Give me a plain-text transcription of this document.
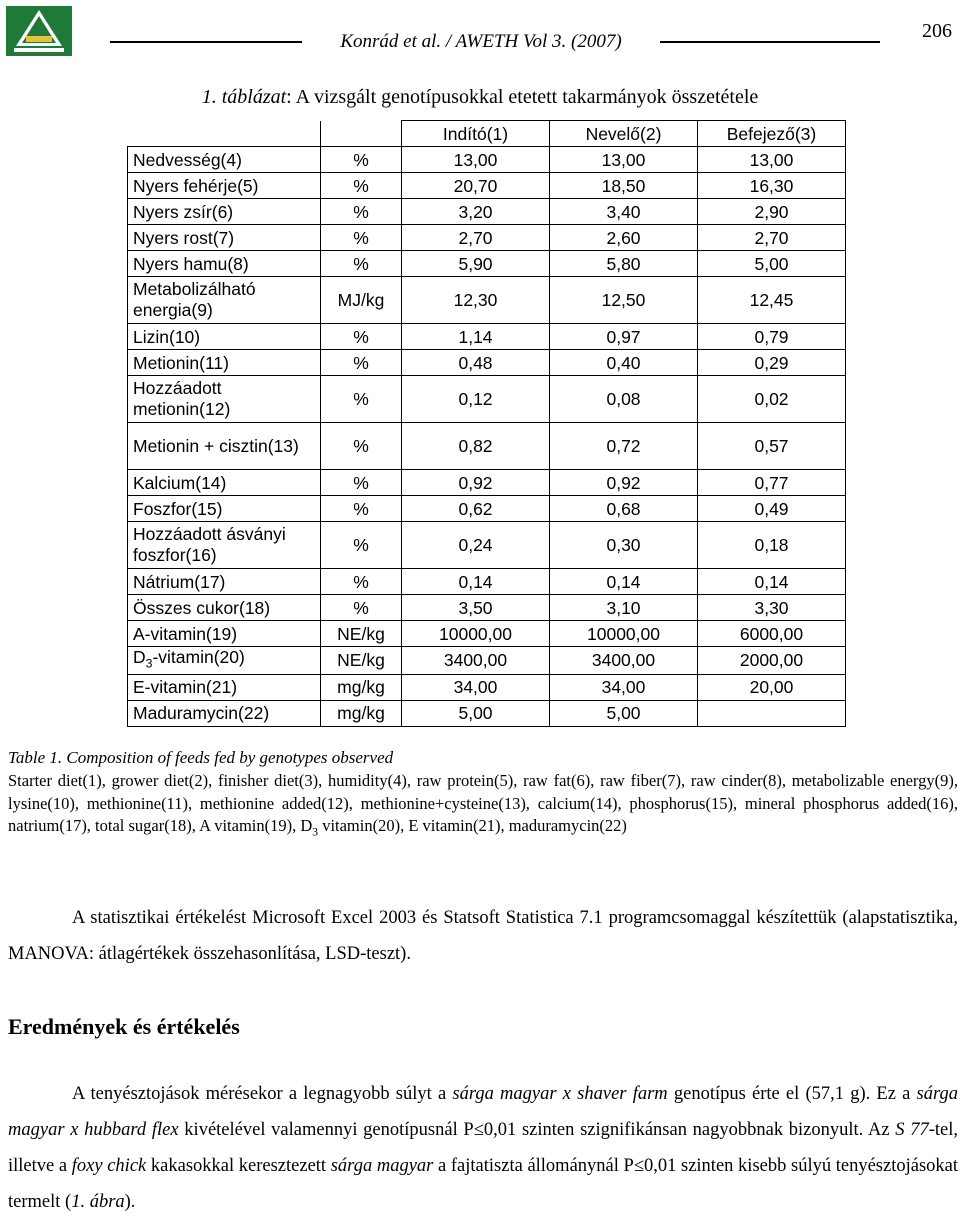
Konrád et al. / AWETH Vol 3. (2007)	206
1. táblázat: A vizsgált genotípusokkal etetett takarmányok összetétele
		Indító(1)	Nevelő(2)	Befejező(3)
Nedvesség(4)	%	13,00	13,00	13,00
Nyers fehérje(5)	%	20,70	18,50	16,30
Nyers zsír(6)	%	3,20	3,40	2,90
Nyers rost(7)	%	2,70	2,60	2,70
Nyers hamu(8)	%	5,90	5,80	5,00
Metabolizálható energia(9)	MJ/kg	12,30	12,50	12,45
Lizin(10)	%	1,14	0,97	0,79
Metionin(11)	%	0,48	0,40	0,29
Hozzáadott metionin(12)	%	0,12	0,08	0,02
Metionin + cisztin(13)	%	0,82	0,72	0,57
Kalcium(14)	%	0,92	0,92	0,77
Foszfor(15)	%	0,62	0,68	0,49
Hozzáadott ásványi foszfor(16)	%	0,24	0,30	0,18
Nátrium(17)	%	0,14	0,14	0,14
Összes cukor(18)	%	3,50	3,10	3,30
A-vitamin(19)	NE/kg	10000,00	10000,00	6000,00
$D_3-vitamin(20)$	NE/kg	3400,00	3400,00	2000,00
E-vitamin(21)	mg/kg	34,00	34,00	20,00
Maduramycin(22)	mg/kg	5,00	5,00	
Table 1. Composition of feeds fed by genotypes observed
Starter diet(1), grower diet(2), finisher diet(3), humidity(4), raw protein(5), raw fat(6), raw fiber(7), raw cinder(8), metabolizable energy(9), lysine(10), methionine(11), methionine added(12), methionine+cysteine(13), calcium(14), phosphorus(15), mineral phosphorus added(16), natrium(17), total sugar(18), A vitamin(19), $D_3$ vitamin(20), E vitamin(21), maduramycin(22)
A statisztikai értékelést Microsoft Excel 2003 és Statsoft Statistica 7.1 programcsomaggal készítettük (alapstatisztika, MANOVA: átlagértékek összehasonlítása, LSD-teszt).
Eredmények és értékelés
A tenyésztojások mérésekor a legnagyobb súlyt a sárga magyar x shaver farm genotípus érte el (57,1 g). Ez a sárga magyar x hubbard flex kivételével valamennyi genotípusnál P≤0,01 szinten szignifikánsan nagyobbnak bizonyult. Az S 77-tel, illetve a foxy chick kakasokkal keresztezett sárga magyar a fajtatiszta állománynál P≤0,01 szinten kisebb súlyú tenyésztojásokat termelt (1. ábra).
